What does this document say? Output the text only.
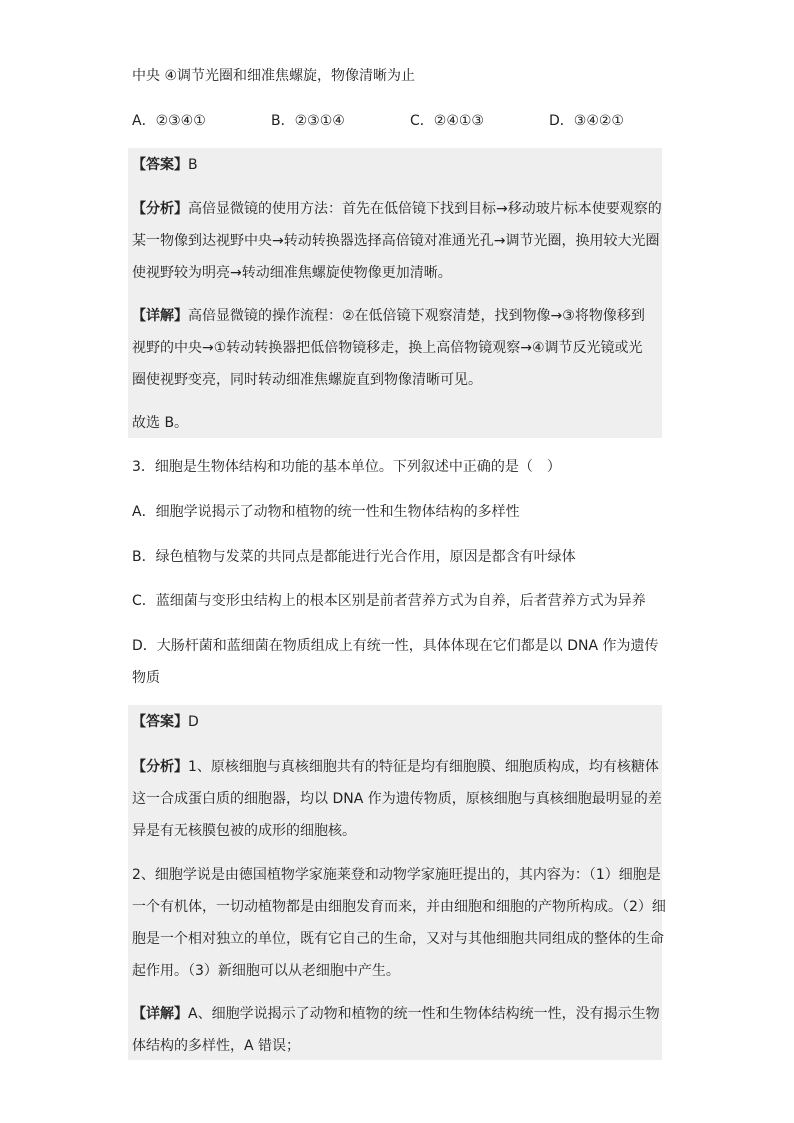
中央 ④调节光圈和细准焦螺旋，物像清晰为止
A．②③④①	B．②③①④	C．②④①③	D．③④②①
【答案】B
【分析】高倍显微镜的使用方法：首先在低倍镜下找到目标→移动玻片标本使要观察的
某一物像到达视野中央→转动转换器选择高倍镜对准通光孔→调节光圈，换用较大光圈
使视野较为明亮→转动细准焦螺旋使物像更加清晰。
【详解】高倍显微镜的操作流程：②在低倍镜下观察清楚，找到物像→③将物像移到
视野的中央→①转动转换器把低倍物镜移走，换上高倍物镜观察→④调节反光镜或光
圈使视野变亮，同时转动细准焦螺旋直到物像清晰可见。
故选 B。
3．细胞是生物体结构和功能的基本单位。下列叙述中正确的是（　）
A．细胞学说揭示了动物和植物的统一性和生物体结构的多样性
B．绿色植物与发菜的共同点是都能进行光合作用，原因是都含有叶绿体
C．蓝细菌与变形虫结构上的根本区别是前者营养方式为自养，后者营养方式为异养
D．大肠杆菌和蓝细菌在物质组成上有统一性，具体体现在它们都是以 DNA 作为遗传
物质
【答案】D
【分析】1、原核细胞与真核细胞共有的特征是均有细胞膜、细胞质构成，均有核糖体
这一合成蛋白质的细胞器，均以 DNA 作为遗传物质，原核细胞与真核细胞最明显的差
异是有无核膜包被的成形的细胞核。
2、细胞学说是由德国植物学家施莱登和动物学家施旺提出的，其内容为：（1）细胞是
一个有机体，一切动植物都是由细胞发育而来，并由细胞和细胞的产物所构成。（2）细
胞是一个相对独立的单位，既有它自己的生命，又对与其他细胞共同组成的整体的生命
起作用。（3）新细胞可以从老细胞中产生。
【详解】A、细胞学说揭示了动物和植物的统一性和生物体结构统一性，没有揭示生物
体结构的多样性，A 错误；
